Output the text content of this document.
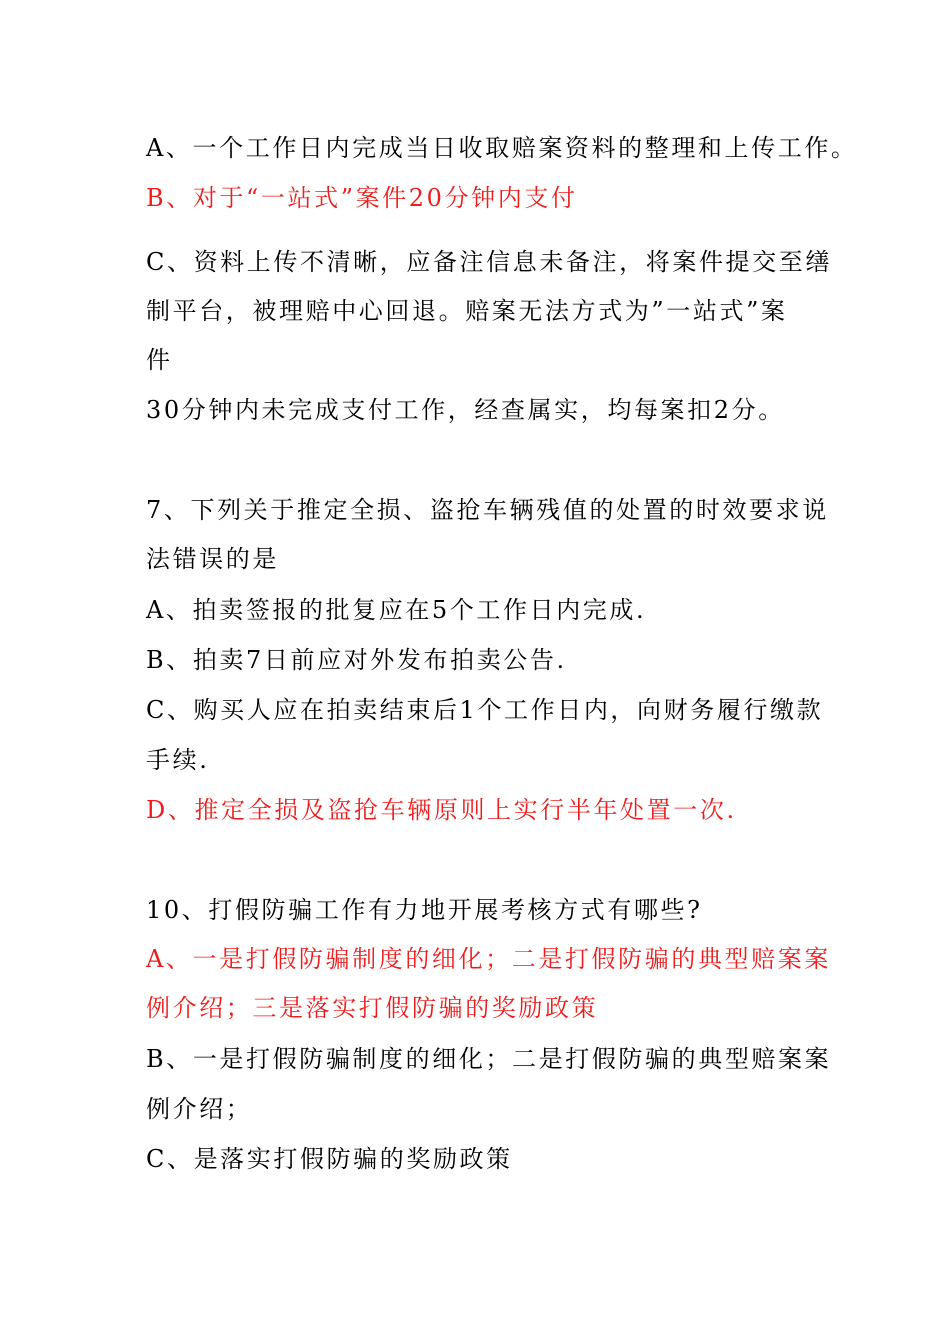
A、一个工作日内完成当日收取赔案资料的整理和上传工作。
B、对于“一站式”案件20分钟内支付
C、资料上传不清晰，应备注信息未备注，将案件提交至缮
制平台，被理赔中心回退。赔案无法方式为”一站式”案
件
30分钟内未完成支付工作，经查属实，均每案扣2分。
7、下列关于推定全损、盗抢车辆残值的处置的时效要求说
法错误的是
A、拍卖签报的批复应在5个工作日内完成.
B、拍卖7日前应对外发布拍卖公告.
C、购买人应在拍卖结束后1个工作日内，向财务履行缴款
手续.
D、推定全损及盗抢车辆原则上实行半年处置一次.
10、打假防骗工作有力地开展考核方式有哪些?
A、一是打假防骗制度的细化；二是打假防骗的典型赔案案
例介绍；三是落实打假防骗的奖励政策
B、一是打假防骗制度的细化；二是打假防骗的典型赔案案
例介绍；
C、是落实打假防骗的奖励政策
